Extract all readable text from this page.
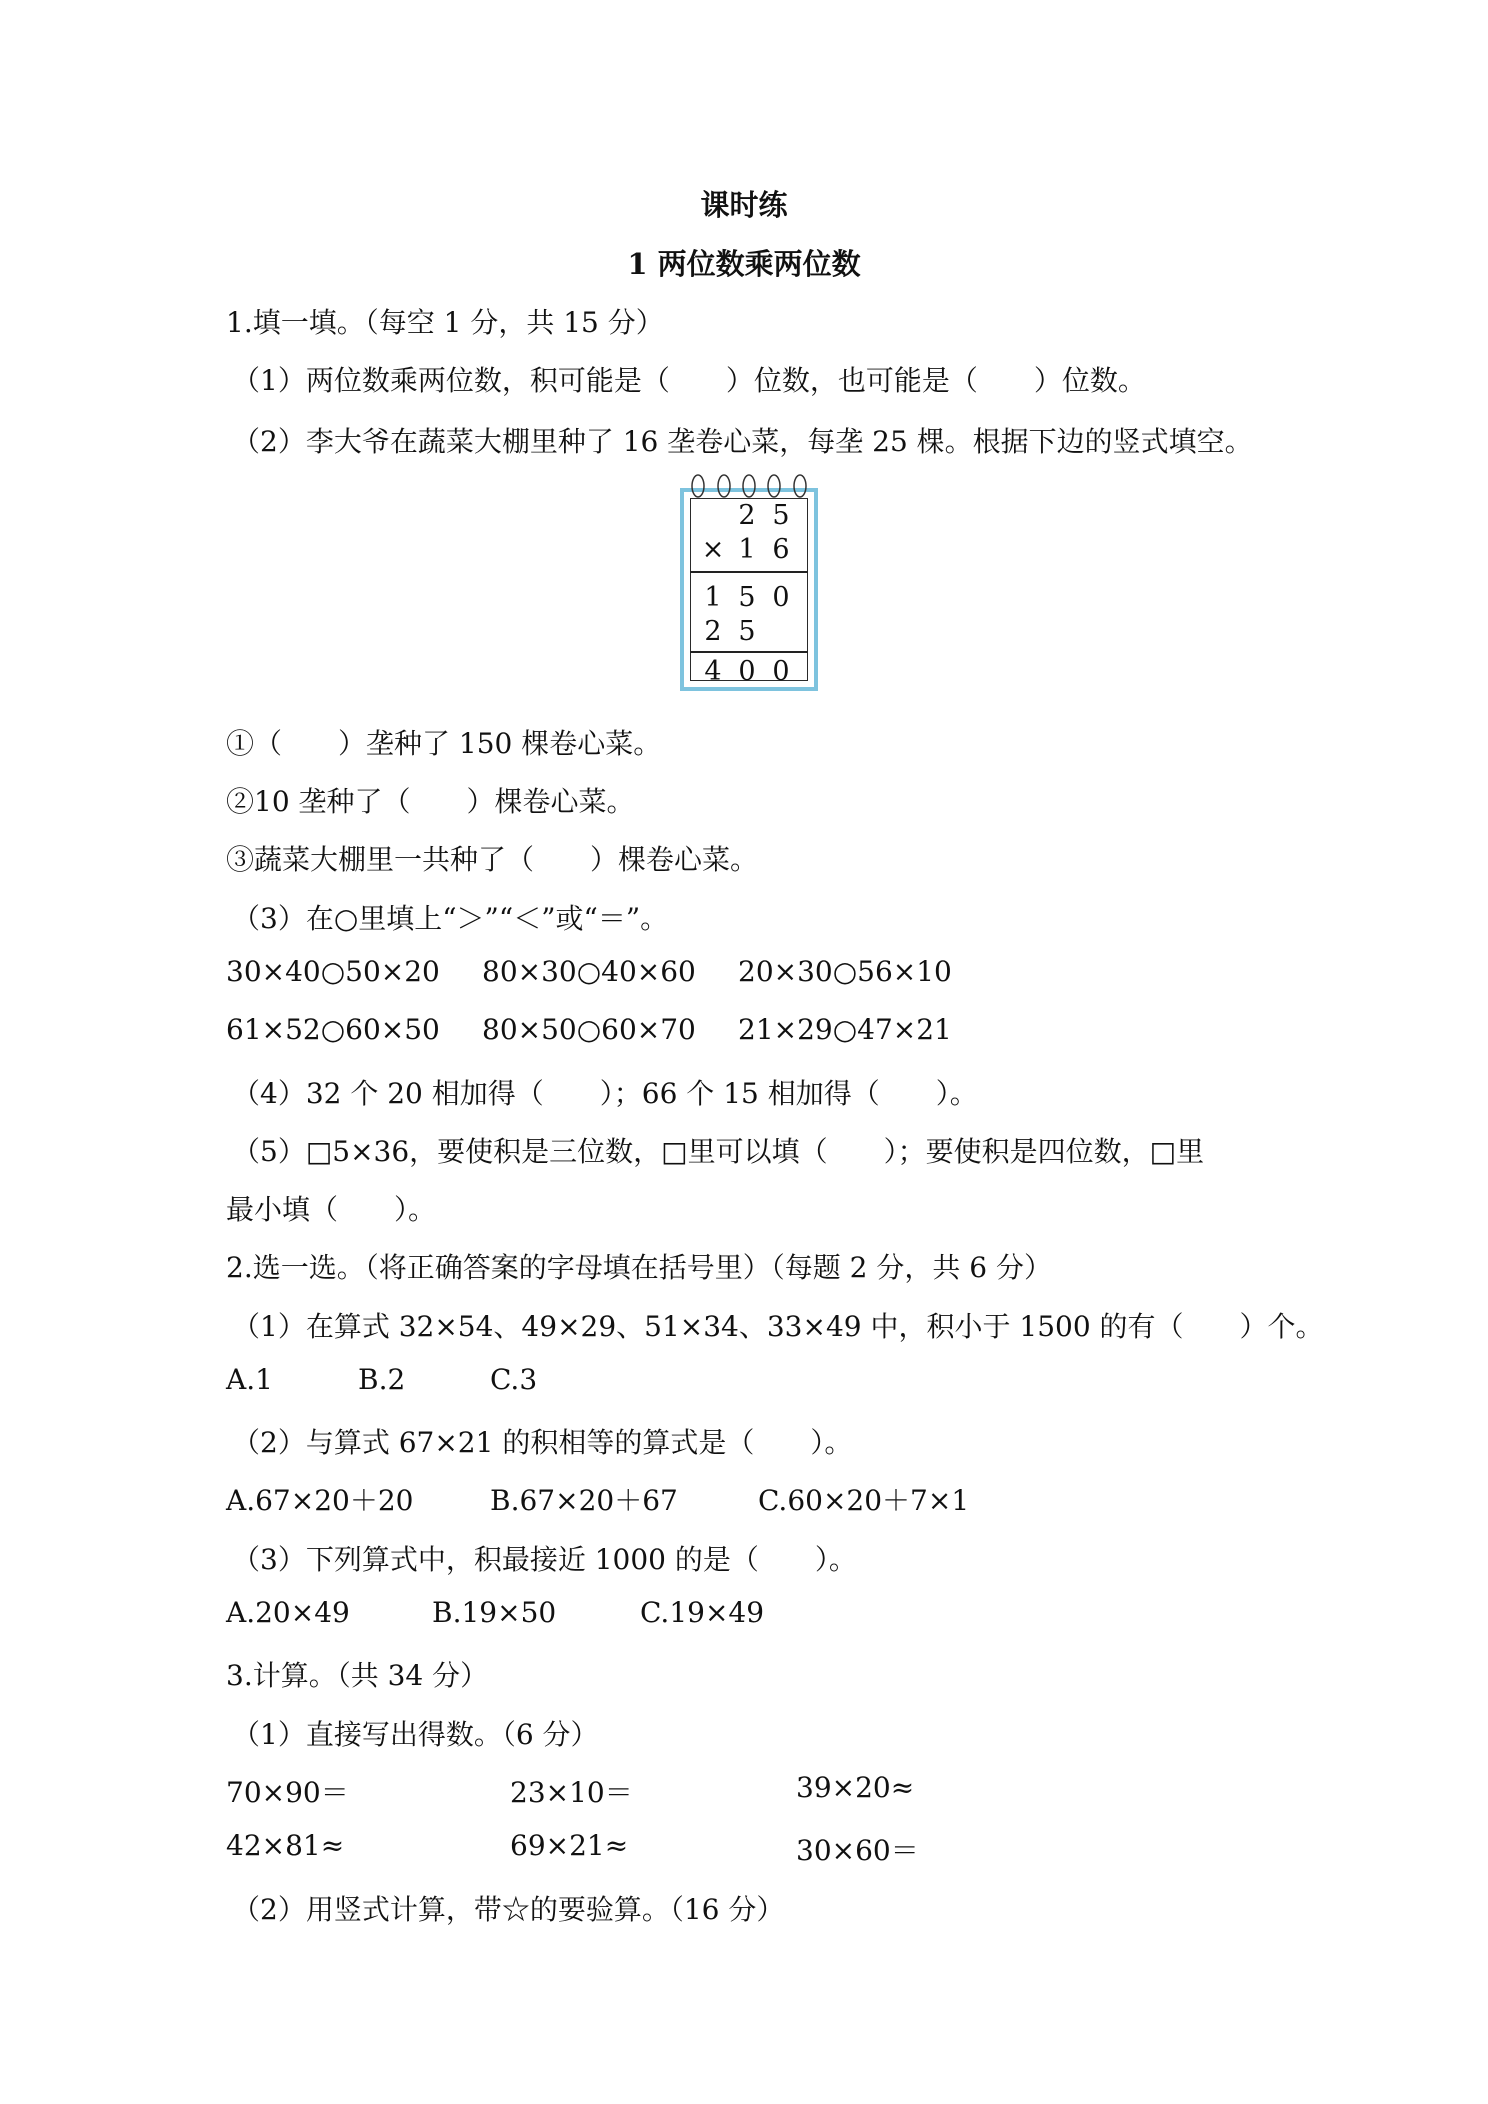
课时练
1 两位数乘两位数
1.填一填。（每空 1 分，共 15 分）
（1）两位数乘两位数，积可能是（　　）位数，也可能是（　　）位数。
（2）李大爷在蔬菜大棚里种了 16 垄卷心菜，每垄 25 棵。根据下边的竖式填空。
2 5
× 1 6
1 5 0
2 5
4 0 0
①（　　）垄种了 150 棵卷心菜。
②10 垄种了（　　）棵卷心菜。
③蔬菜大棚里一共种了（　　）棵卷心菜。
（3）在○里填上“＞”“＜”或“＝”。
30×40○50×20 80×30○40×60 20×30○56×10
61×52○60×50 80×50○60×70 21×29○47×21
（4）32 个 20 相加得（　　）；66 个 15 相加得（　　）。
（5）□5×36，要使积是三位数，□里可以填（　　）；要使积是四位数，□里
最小填（　　）。
2.选一选。（将正确答案的字母填在括号里）（每题 2 分，共 6 分）
（1）在算式 32×54、49×29、51×34、33×49 中，积小于 1500 的有（　　）个。
A.1	B.2	C.3
（2）与算式 67×21 的积相等的算式是（　　）。
A.67×20＋20	B.67×20＋67	C.60×20＋7×1
（3）下列算式中，积最接近 1000 的是（　　）。
A.20×49	B.19×50	C.19×49
3.计算。（共 34 分）
（1）直接写出得数。（6 分）
70×90＝	23×10＝	39×20≈
42×81≈	69×21≈	30×60＝
（2）用竖式计算，带☆的要验算。（16 分）
